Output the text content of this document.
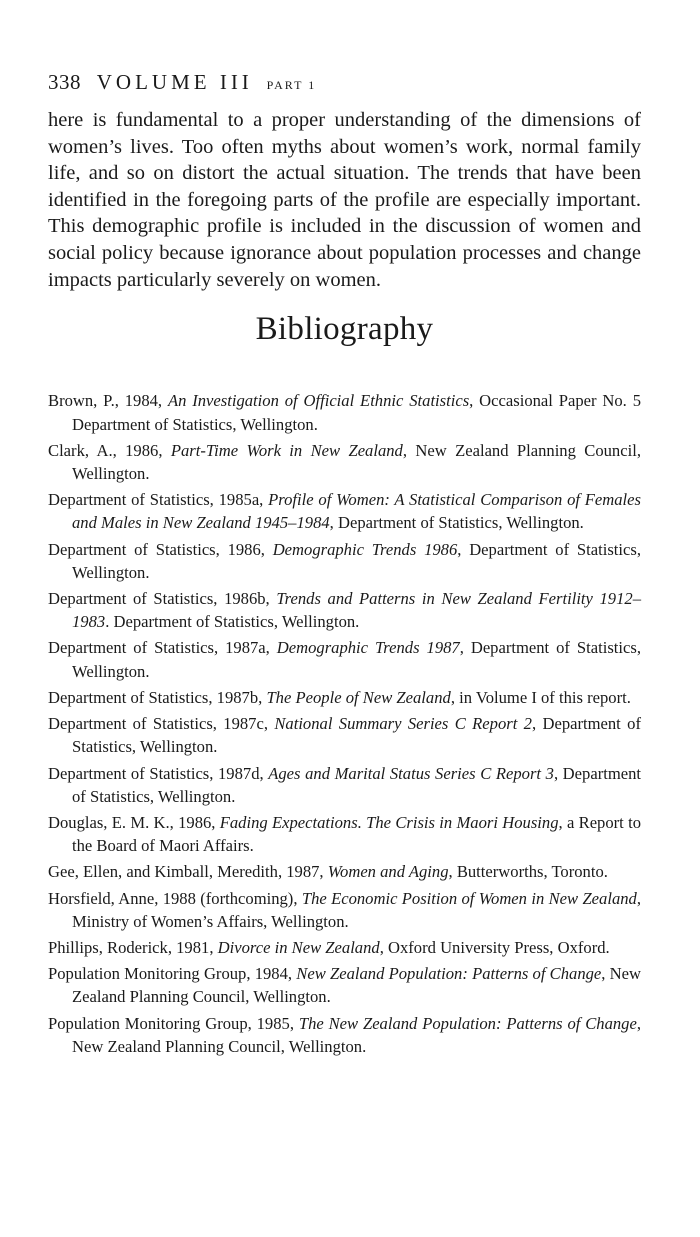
338 VOLUME III PART 1

here is fundamental to a proper understanding of the dimensions of women’s lives. Too often myths about women’s work, normal family life, and so on distort the actual situation. The trends that have been identified in the foregoing parts of the profile are especially important. This demographic profile is included in the discussion of women and social policy because ignorance about population processes and change impacts particularly severely on women.

Bibliography
Brown, P., 1984, An Investigation of Official Ethnic Statistics, Occasional Paper No. 5 Department of Statistics, Wellington.
Clark, A., 1986, Part-Time Work in New Zealand, New Zealand Planning Council, Wellington.
Department of Statistics, 1985a, Profile of Women: A Statistical Comparison of Females and Males in New Zealand 1945–1984, Department of Statistics, Wellington.
Department of Statistics, 1986, Demographic Trends 1986, Department of Statistics, Wellington.
Department of Statistics, 1986b, Trends and Patterns in New Zealand Fertility 1912–1983. Department of Statistics, Wellington.
Department of Statistics, 1987a, Demographic Trends 1987, Department of Statistics, Wellington.
Department of Statistics, 1987b, The People of New Zealand, in Volume I of this report.
Department of Statistics, 1987c, National Summary Series C Report 2, Department of Statistics, Wellington.
Department of Statistics, 1987d, Ages and Marital Status Series C Report 3, Department of Statistics, Wellington.
Douglas, E. M. K., 1986, Fading Expectations. The Crisis in Maori Housing, a Report to the Board of Maori Affairs.
Gee, Ellen, and Kimball, Meredith, 1987, Women and Aging, Butterworths, Toronto.
Horsfield, Anne, 1988 (forthcoming), The Economic Position of Women in New Zealand, Ministry of Women’s Affairs, Wellington.
Phillips, Roderick, 1981, Divorce in New Zealand, Oxford University Press, Oxford.
Population Monitoring Group, 1984, New Zealand Population: Patterns of Change, New Zealand Planning Council, Wellington.
Population Monitoring Group, 1985, The New Zealand Population: Patterns of Change, New Zealand Planning Council, Wellington.
